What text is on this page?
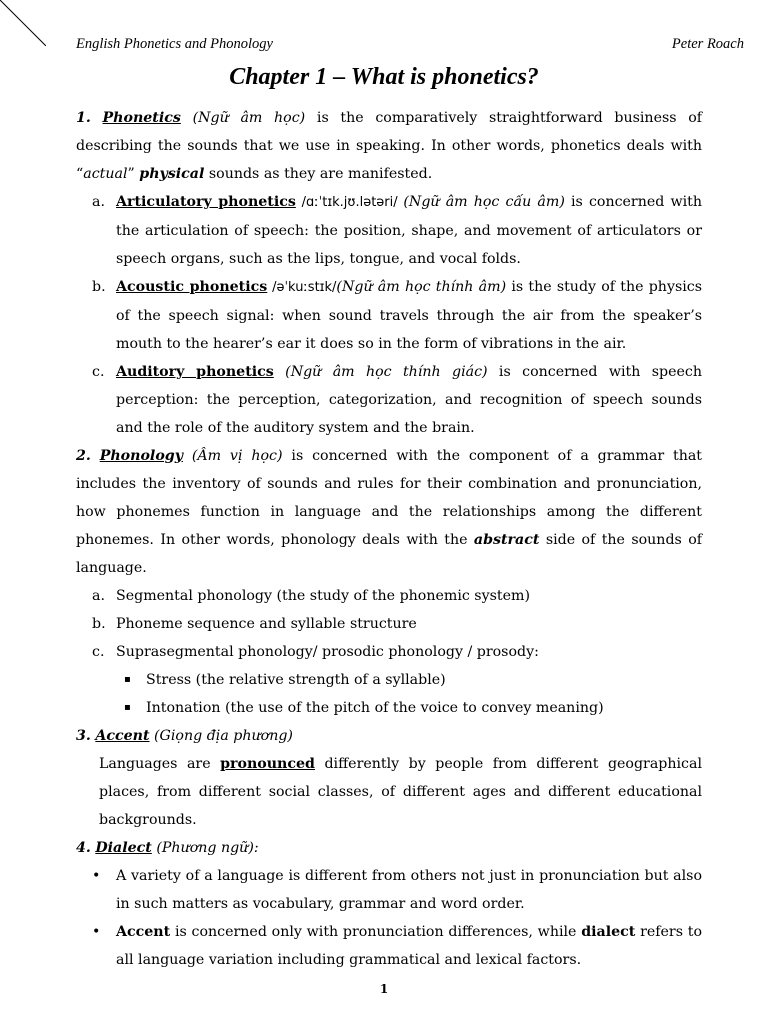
English Phonetics and Phonology	Peter Roach
Chapter 1 – What is phonetics?

1. Phonetics (Ngữ âm học) is the comparatively straightforward business of describing the sounds that we use in speaking. In other words, phonetics deals with “actual” physical sounds as they are manifested.

a. Articulatory phonetics /ɑːˈtɪk.jʊ.lətəri/ (Ngữ âm học cấu âm) is concerned with the articulation of speech: the position, shape, and movement of articulators or speech organs, such as the lips, tongue, and vocal folds.
b. Acoustic phonetics /əˈkuːstɪk/(Ngữ âm học thính âm) is the study of the physics of the speech signal: when sound travels through the air from the speaker’s mouth to the hearer’s ear it does so in the form of vibrations in the air.
c. Auditory phonetics (Ngữ âm học thính giác) is concerned with speech perception: the perception, categorization, and recognition of speech sounds and the role of the auditory system and the brain.

2. Phonology (Âm vị học) is concerned with the component of a grammar that includes the inventory of sounds and rules for their combination and pronunciation, how phonemes function in language and the relationships among the different phonemes. In other words, phonology deals with the abstract side of the sounds of language.

a. Segmental phonology (the study of the phonemic system)
b. Phoneme sequence and syllable structure
c. Suprasegmental phonology/ prosodic phonology / prosody:
▪ Stress (the relative strength of a syllable)
▪ Intonation (the use of the pitch of the voice to convey meaning)

3. Accent (Giọng địa phương)

Languages are pronounced differently by people from different geographical places, from different social classes, of different ages and different educational backgrounds.

4. Dialect (Phương ngữ):

• A variety of a language is different from others not just in pronunciation but also in such matters as vocabulary, grammar and word order.
• Accent is concerned only with pronunciation differences, while dialect refers to all language variation including grammatical and lexical factors.
1
